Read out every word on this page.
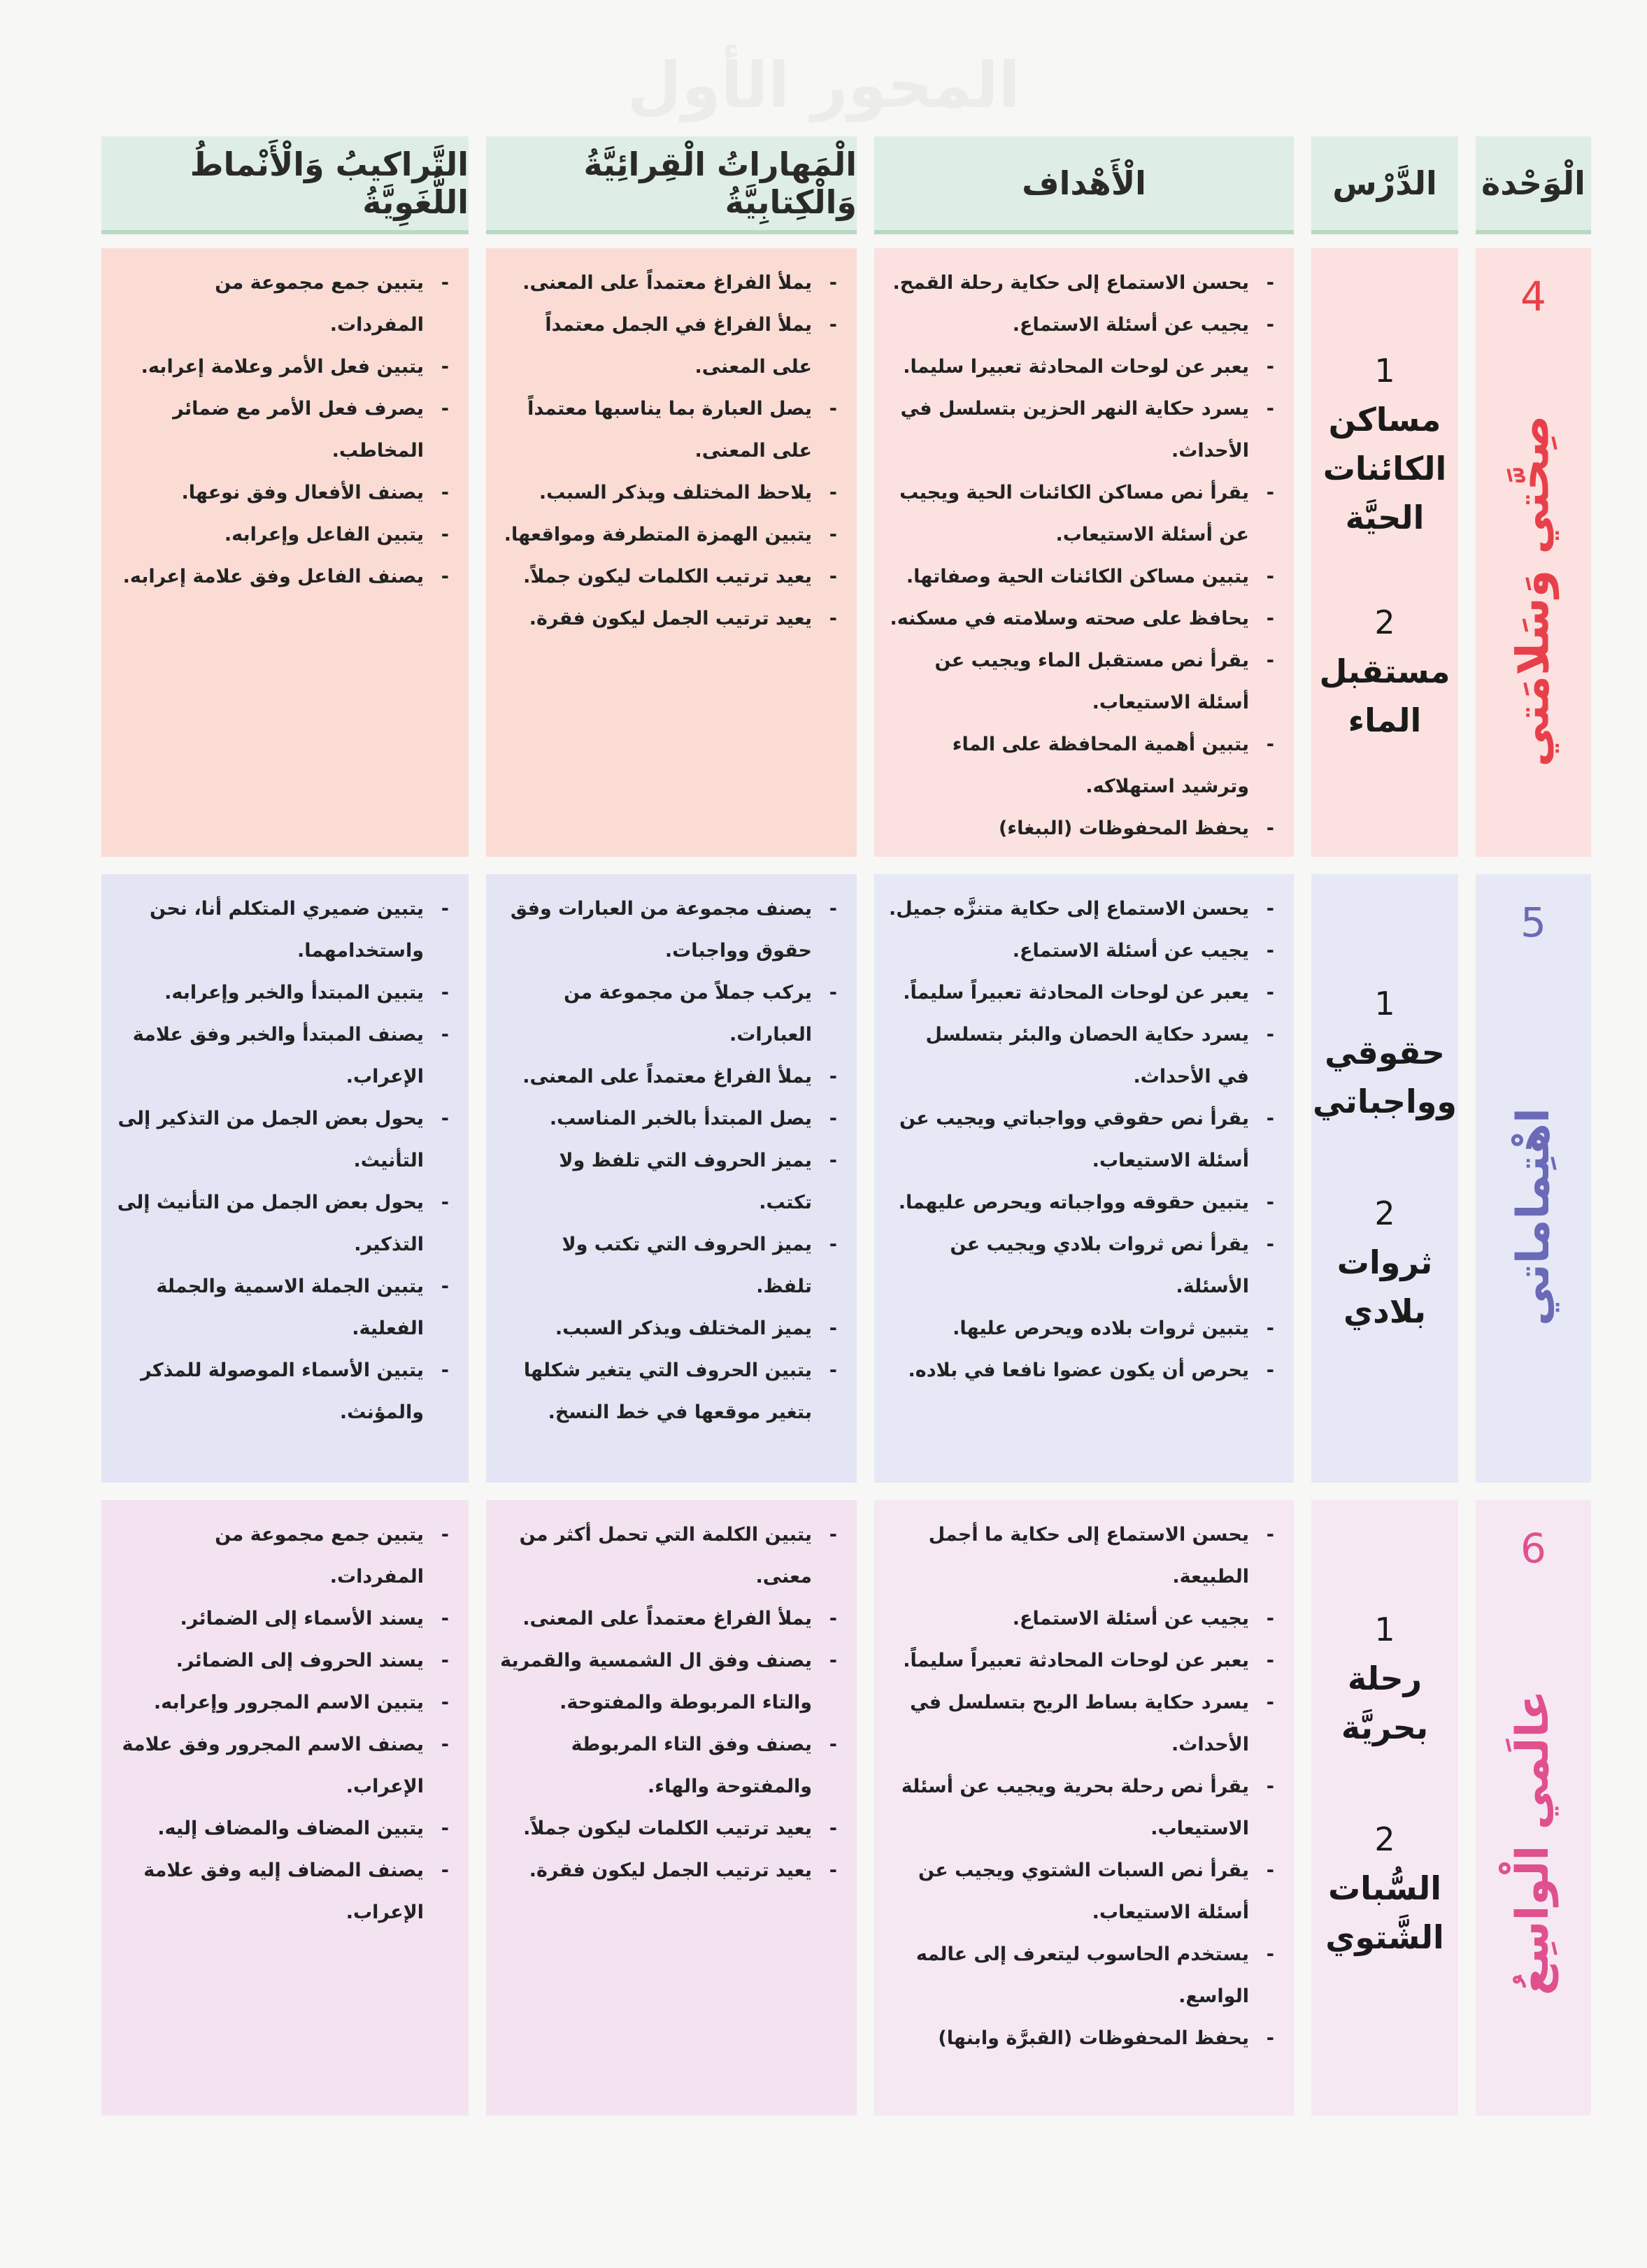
المحور الأول
الْوَحْدة
الدَّرْس
الْأَهْداف
الْمَهاراتُ الْقِرائِيَّةُ وَالْكِتابِيَّةُ
التَّراكيبُ وَالْأَنْماطُ اللُّغَوِيَّةُ
4
صِحَّتي وَسَلامَتي
1
مساكن
الكائنات
الحيَّة
2
مستقبل
الماء
- يحسن الاستماع إلى حكاية رحلة القمح.
- يجيب عن أسئلة الاستماع.
- يعبر عن لوحات المحادثة تعبيرا سليما.
- يسرد حكاية النهر الحزين بتسلسل في الأحداث.
- يقرأ نص مساكن الكائنات الحية ويجيب عن أسئلة الاستيعاب.
- يتبين مساكن الكائنات الحية وصفاتها.
- يحافظ على صحته وسلامته في مسكنه.
- يقرأ نص مستقبل الماء ويجيب عن أسئلة الاستيعاب.
- يتبين أهمية المحافظة على الماء وترشيد استهلاكه.
- يحفظ المحفوظات (الببغاء)
- يملأ الفراغ معتمداً على المعنى.
- يملأ الفراغ في الجمل معتمداً على المعنى.
- يصل العبارة بما يناسبها معتمداً على المعنى.
- يلاحظ المختلف ويذكر السبب.
- يتبين الهمزة المتطرفة ومواقعها.
- يعيد ترتيب الكلمات ليكون جملاً.
- يعيد ترتيب الجمل ليكون فقرة.
- يتبين جمع مجموعة من المفردات.
- يتبين فعل الأمر وعلامة إعرابه.
- يصرف فعل الأمر مع ضمائر المخاطب.
- يصنف الأفعال وفق نوعها.
- يتبين الفاعل وإعرابه.
- يصنف الفاعل وفق علامة إعرابه.
5
اهْتِماماتي
1
حقوقي
وواجباتي
2
ثروات
بلادي
- يحسن الاستماع إلى حكاية متنزَّه جميل.
- يجيب عن أسئلة الاستماع.
- يعبر عن لوحات المحادثة تعبيراً سليماً.
- يسرد حكاية الحصان والبئر بتسلسل في الأحداث.
- يقرأ نص حقوقي وواجباتي ويجيب عن أسئلة الاستيعاب.
- يتبين حقوقه وواجباته ويحرص عليهما.
- يقرأ نص ثروات بلادي ويجيب عن الأسئلة.
- يتبين ثروات بلاده ويحرص عليها.
- يحرص أن يكون عضوا نافعا في بلاده.
- يصنف مجموعة من العبارات وفق حقوق وواجبات.
- يركب جملاً من مجموعة من العبارات.
- يملأ الفراغ معتمداً على المعنى.
- يصل المبتدأ بالخبر المناسب.
- يميز الحروف التي تلفظ ولا تكتب.
- يميز الحروف التي تكتب ولا تلفظ.
- يميز المختلف ويذكر السبب.
- يتبين الحروف التي يتغير شكلها بتغير موقعها في خط النسخ.
- يتبين ضميري المتكلم أنا، نحن واستخدامهما.
- يتبين المبتدأ والخبر وإعرابه.
- يصنف المبتدأ والخبر وفق علامة الإعراب.
- يحول بعض الجمل من التذكير إلى التأنيث.
- يحول بعض الجمل من التأنيث إلى التذكير.
- يتبين الجملة الاسمية والجملة الفعلية.
- يتبين الأسماء الموصولة للمذكر والمؤنث.
6
عالَمي الْواسِعُ
1
رحلة
بحريَّة
2
السُّبات
الشَّتوي
- يحسن الاستماع إلى حكاية ما أجمل الطبيعة.
- يجيب عن أسئلة الاستماع.
- يعبر عن لوحات المحادثة تعبيراً سليماً.
- يسرد حكاية بساط الريح بتسلسل في الأحداث.
- يقرأ نص رحلة بحرية ويجيب عن أسئلة الاستيعاب.
- يقرأ نص السبات الشتوي ويجيب عن أسئلة الاستيعاب.
- يستخدم الحاسوب ليتعرف إلى عالمه الواسع.
- يحفظ المحفوظات (القبرَّة وابنها)
- يتبين الكلمة التي تحمل أكثر من معنى.
- يملأ الفراغ معتمداً على المعنى.
- يصنف وفق ال الشمسية والقمرية والتاء المربوطة والمفتوحة.
- يصنف وفق التاء المربوطة والمفتوحة والهاء.
- يعيد ترتيب الكلمات ليكون جملاً.
- يعيد ترتيب الجمل ليكون فقرة.
- يتبين جمع مجموعة من المفردات.
- يسند الأسماء إلى الضمائر.
- يسند الحروف إلى الضمائر.
- يتبين الاسم المجرور وإعرابه.
- يصنف الاسم المجرور وفق علامة الإعراب.
- يتبين المضاف والمضاف إليه.
- يصنف المضاف إليه وفق علامة الإعراب.
